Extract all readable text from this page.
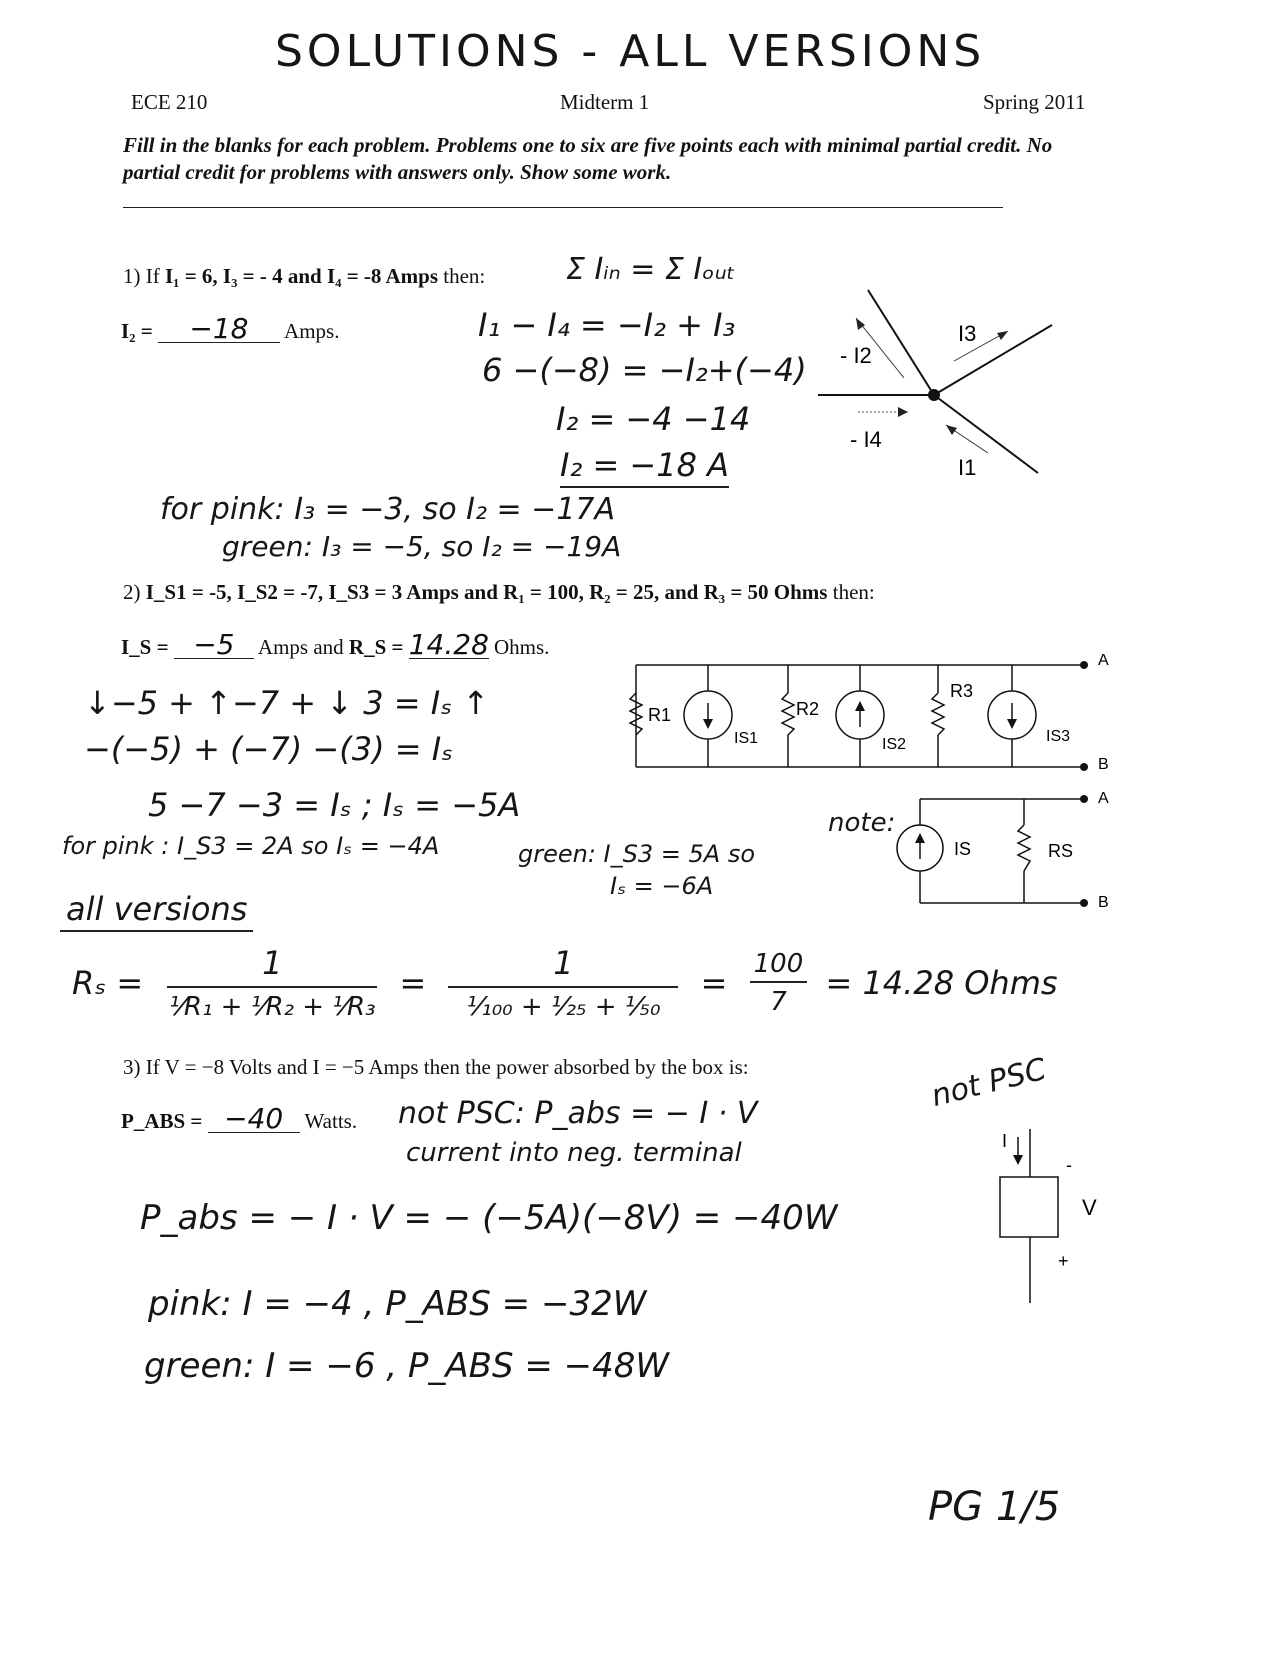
SOLUTIONS - ALL VERSIONS
ECE 210	Midterm 1	Spring 2011
Fill in the blanks for each problem. Problems one to six are five points each with minimal partial credit. No partial credit for problems with answers only. Show some work.
1) If I₁ = 6, I₃ = - 4 and I₄ = -8 Amps then:
I₂ = −18 Amps.
Σ Iᵢₙ = Σ Iₒᵤₜ
I₁ − I₄ = −I₂ + I₃
6 −(−8) = −I₂+(−4)
I₂ = −4 −14
I₂ = −18 A
for pink: I₃ = −3, so I₂ = −17A
green: I₃ = −5, so I₂ = −19A
I3
- I2
- I4
I1
2) I_S1 = -5, I_S2 = -7, I_S3 = 3 Amps and R₁ = 100, R₂ = 25, and R₃ = 50 Ohms then:
I_S = −5 Amps and R_S = 14.28 Ohms.
↓−5 + ↑−7 + ↓ 3 = Iₛ ↑
−(−5) + (−7) −(3) = Iₛ
5 −7 −3 = Iₛ ; Iₛ = −5A
for pink : I_S3 = 2A so Iₛ = −4A	green: I_S3 = 5A so
Iₛ = −6A
note:
all versions
$R_s = \frac{1}{\text{¹⁄R₁ + ¹⁄R₂ + ¹⁄R₃}} = \frac{1}{\text{¹⁄₁₀₀ + ¹⁄₂₅ + ¹⁄₅₀}} = \frac{100}{7} = 14.28$ Ohms
A
B
R1
IS1
R2
IS2
R3
IS3
A
B
IS	RS
3) If V = −8 Volts and I = −5 Amps then the power absorbed by the box is:
P_ABS = −40 Watts. not PSC: P_abs = − I · V
current into neg. terminal
P_abs = − I · V = − (−5A)(−8V) = −40W
pink: I = −4 , P_ABS = −32W
green: I = −6 , P_ABS = −48W
not PSC
I
-
V
+
PG 1/5
